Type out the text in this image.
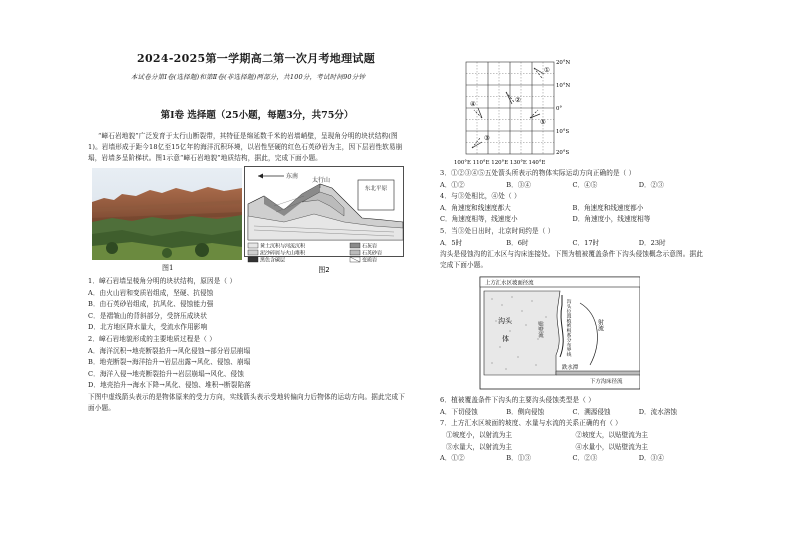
2024-2025第一学期高二第一次月考地理试题
本试卷分第Ⅰ卷(选择题)和第Ⅱ卷(非选择题)两部分，共100分，考试时间90分钟
第Ⅰ卷 选择题（25小题，每题3分，共75分）
“嶂石岩地貌”广泛发育于太行山断裂带，其特征是绵延数千米的岩墙峭壁，呈现角分明的块状结构(图1)。岩墙形成于距今18亿至15亿年的海洋沉积环境，以岩性坚硬的红色石英砂岩为主，因下层岩性软易崩塌，岩墙多呈阶梯状。图1示意“嶂石岩地貌”地质结构，据此，完成下面小题。
图1
东北平原
东南
太行山
黄土沉积与河流沉积
泥沙碎屑与火山堆积
黑色含碳层
石灰岩
石英砂岩
变质岩
图2
1．嶂石岩墙呈棱角分明的块状结构，原因是（ ）
A．由火山岩和变质岩组成，坚硬、抗侵蚀
B．由石英砂岩组成，抗风化、侵蚀能力强
C．是褶皱山的背斜部分，受挤压成块状
D．北方地区降水量大，受流水作用影响
2．嶂石岩地貌形成的主要地质过程是（ ）
A．海洋沉积→地壳断裂抬升→风化侵蚀→部分岩层崩塌
B．地壳断裂→海洋抬升→岩层出露→风化、侵蚀、崩塌
C．海洋入侵→地壳断裂抬升→岩层崩塌→风化、侵蚀
D．地壳抬升→海水下降→风化、侵蚀、堆积→断裂陷落
下图中虚线箭头表示的是物体原来的受力方向，实线箭头表示受地转偏向力后物体的运动方向。据此完成下面小题。
①
②
④
⑤
③
20°N
10°N
0°
10°S
20°S
100°E 110°E 120°E 130°E 140°E
3．①②③④⑤五处箭头所表示的物体实际运动方向正确的是（ ）
A．①②	B．③④	C．④⑤	D．②③
4．与③处相比，④处（ ）
A．角速度和线速度都大	B．角速度和线速度都小
C．角速度相等，线速度小	D．角速度小，线速度相等
5．当③处日出时，北京时间约是（ ）
A．5时	B．6时	C．17时	D．23时
沟头是侵蚀沟的汇水区与沟床连接处。下图为植被覆盖条件下沟头侵蚀概念示意图。据此完成下面小题。
上方汇水区坡面径流
沟头
体
贴壁流	沟头位置植被根系分布界线	射流
跌水潭
下方沟床径流
6．植被覆盖条件下沟头的主要沟头侵蚀类型是（ ）
A．下切侵蚀	B．侧向侵蚀	C．溯源侵蚀	D．流水溶蚀
7．上方汇水区坡面的坡度、水量与水流的关系正确的有（ ）
①坡度小，以射流为主	②坡度大，以贴壁流为主
③水量大，以射流为主	④水量小，以贴壁流为主
A．①②	B．①③	C．②③	D．③④
